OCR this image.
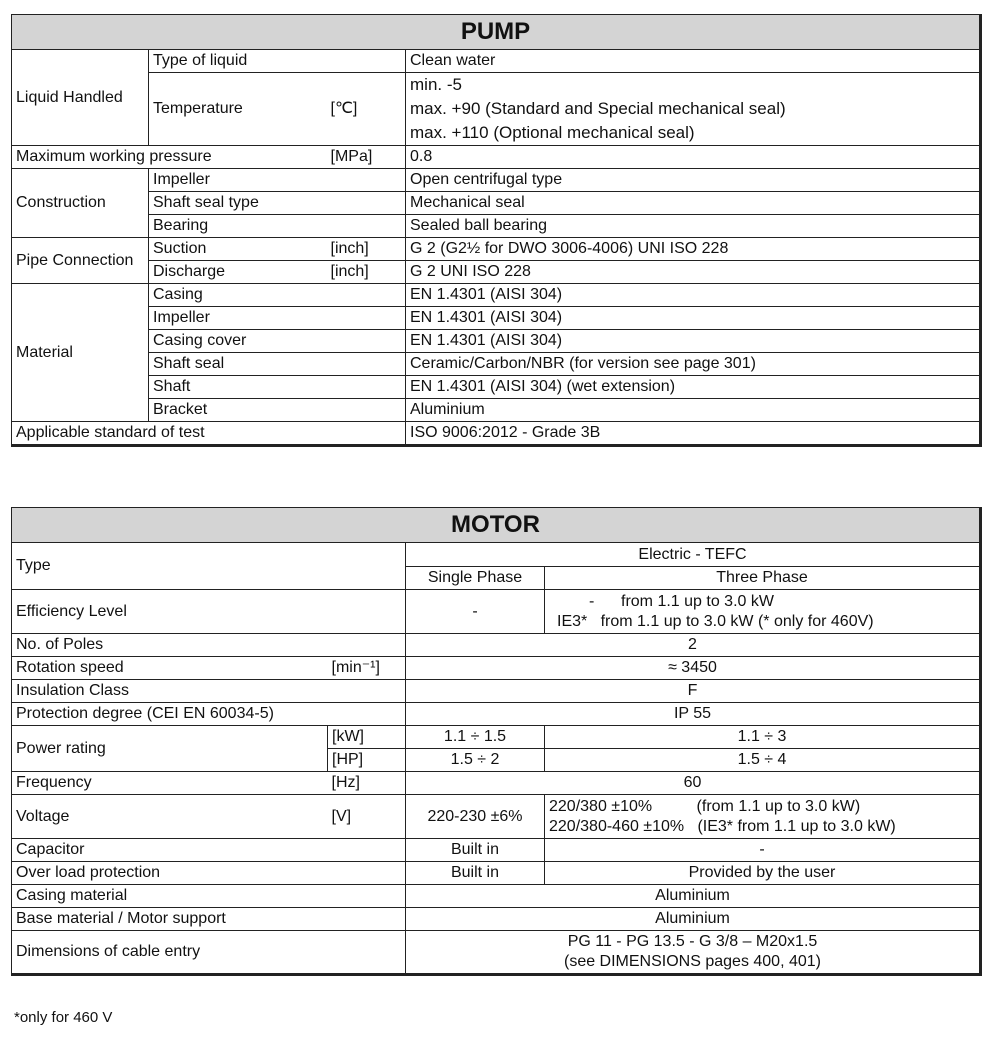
PUMP			
Liquid Handled	Type of liquid		Clean water
	Temperature	[℃]	min. -5
max. +90 (Standard and Special mechanical seal)
max. +110 (Optional mechanical seal)

Maximum working pressure		[MPa]	0.8
Construction	Impeller		Open centrifugal type
	Shaft seal type		Mechanical seal
	Bearing		Sealed ball bearing
Pipe Connection	Suction	[inch]	G 2 (G2½ for DWO 3006-4006) UNI ISO 228
	Discharge	[inch]	G 2 UNI ISO 228
Material	Casing		EN 1.4301 (AISI 304)
	Impeller		EN 1.4301 (AISI 304)
	Casing cover		EN 1.4301 (AISI 304)
	Shaft seal		Ceramic/Carbon/NBR (for version see page 301)
	Shaft		EN 1.4301 (AISI 304) (wet extension)
	Bracket		Aluminium
Applicable standard of test			ISO 9006:2012 - Grade 3B
MOTOR			
Type		Electric - TEFC	
		Single Phase	Three Phase
Efficiency Level		-	-      from 1.1 up to 3.0 kW
IE3*   from 1.1 up to 3.0 kW (* only for 460V)

No. of Poles		2	
Rotation speed	[min⁻¹]	≈ 3450	
Insulation Class		F	
Protection degree (CEI EN 60034-5)		IP 55	
Power rating	[kW]	1.1 ÷ 1.5	1.1 ÷ 3
	[HP]	1.5 ÷ 2	1.5 ÷ 4
Frequency	[Hz]	60	
Voltage	[V]	220-230 ±6%	220/380 ±10%          (from 1.1 up to 3.0 kW)
220/380-460 ±10%   (IE3* from 1.1 up to 3.0 kW)

Capacitor		Built in	-
Over load protection		Built in	Provided by the user
Casing material		Aluminium	
Base material / Motor support		Aluminium	
Dimensions of cable entry		PG 11 - PG 13.5 - G 3/8 – M20x1.5
(see DIMENSIONS pages 400, 401)	
*only for 460 V
